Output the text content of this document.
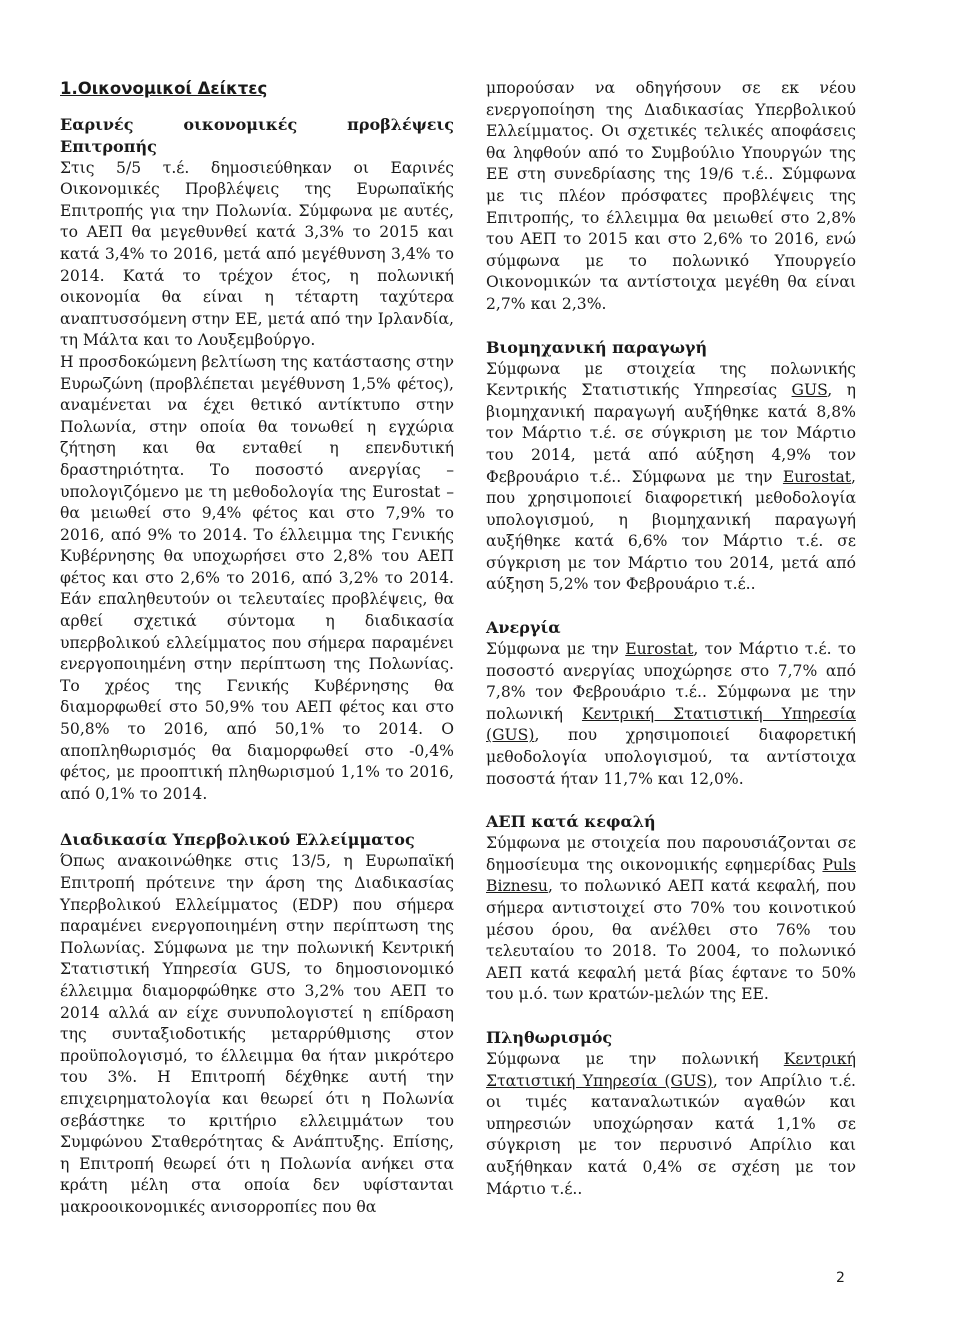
1.Οικονομικοί Δείκτες
Εαρινές οικονομικές προβλέψεις Επιτροπής

Στις 5/5 τ.έ. δημοσιεύθηκαν οι Εαρινές Οικονομικές Προβλέψεις της Ευρωπαϊκής Επιτροπής για την Πολωνία. Σύμφωνα με αυτές, το ΑΕΠ θα μεγεθυνθεί κατά 3,3% το 2015 και κατά 3,4% το 2016, μετά από μεγέθυνση 3,4% το 2014. Κατά το τρέχον έτος, η πολωνική οικονομία θα είναι η τέταρτη ταχύτερα αναπτυσσόμενη στην ΕΕ, μετά από την Ιρλανδία, τη Μάλτα και το Λουξεμβούργο.

Η προσδοκώμενη βελτίωση της κατάστασης στην Ευρωζώνη (προβλέπεται μεγέθυνση 1,5% φέτος), αναμένεται να έχει θετικό αντίκτυπο στην Πολωνία, στην οποία θα τονωθεί η εγχώρια ζήτηση και θα ενταθεί η επενδυτική δραστηριότητα. Το ποσοστό ανεργίας – υπολογιζόμενο με τη μεθοδολογία της Eurostat – θα μειωθεί στο 9,4% φέτος και στο 7,9% το 2016, από 9% το 2014. Το έλλειμμα της Γενικής Κυβέρνησης θα υποχωρήσει στο 2,8% του ΑΕΠ φέτος και στο 2,6% το 2016, από 3,2% το 2014. Εάν επαληθευτούν οι τελευταίες προβλέψεις, θα αρθεί σχετικά σύντομα η διαδικασία υπερβολικού ελλείμματος που σήμερα παραμένει ενεργοποιημένη στην περίπτωση της Πολωνίας. Το χρέος της Γενικής Κυβέρνησης θα διαμορφωθεί στο 50,9% του ΑΕΠ φέτος και στο 50,8% το 2016, από 50,1% το 2014. Ο αποπληθωρισμός θα διαμορφωθεί στο -0,4% φέτος, με προοπτική πληθωρισμού 1,1% το 2016, από 0,1% το 2014.

Διαδικασία Υπερβολικού Ελλείμματος

Όπως ανακοινώθηκε στις 13/5, η Ευρωπαϊκή Επιτροπή πρότεινε την άρση της Διαδικασίας Υπερβολικού Ελλείμματος (EDP) που σήμερα παραμένει ενεργοποιημένη στην περίπτωση της Πολωνίας. Σύμφωνα με την πολωνική Κεντρική Στατιστική Υπηρεσία GUS, το δημοσιονομικό έλλειμμα διαμορφώθηκε στο 3,2% του ΑΕΠ το 2014 αλλά αν είχε συνυπολογιστεί η επίδραση της συνταξιοδοτικής μεταρρύθμισης στον προϋπολογισμό, το έλλειμμα θα ήταν μικρότερο του 3%. Η Επιτροπή δέχθηκε αυτή την επιχειρηματολογία και θεωρεί ότι η Πολωνία σεβάστηκε το κριτήριο ελλειμμάτων του Συμφώνου Σταθερότητας & Ανάπτυξης. Επίσης, η Επιτροπή θεωρεί ότι η Πολωνία ανήκει στα κράτη μέλη στα οποία δεν υφίστανται μακροοικονομικές ανισορροπίες που θα

μπορούσαν να οδηγήσουν σε εκ νέου ενεργοποίηση της Διαδικασίας Υπερβολικού Ελλείμματος. Οι σχετικές τελικές αποφάσεις θα ληφθούν από το Συμβούλιο Υπουργών της ΕΕ στη συνεδρίασης της 19/6 τ.έ.. Σύμφωνα με τις πλέον πρόσφατες προβλέψεις της Επιτροπής, το έλλειμμα θα μειωθεί στο 2,8% του ΑΕΠ το 2015 και στο 2,6% το 2016, ενώ σύμφωνα με το πολωνικό Υπουργείο Οικονομικών τα αντίστοιχα μεγέθη θα είναι 2,7% και 2,3%.

Βιομηχανική παραγωγή

Σύμφωνα με στοιχεία της πολωνικής Κεντρικής Στατιστικής Υπηρεσίας GUS, η βιομηχανική παραγωγή αυξήθηκε κατά 8,8% τον Μάρτιο τ.έ. σε σύγκριση με τον Μάρτιο του 2014, μετά από αύξηση 4,9% τον Φεβρουάριο τ.έ.. Σύμφωνα με την Eurostat, που χρησιμοποιεί διαφορετική μεθοδολογία υπολογισμού, η βιομηχανική παραγωγή αυξήθηκε κατά 6,6% τον Μάρτιο τ.έ. σε σύγκριση με τον Μάρτιο του 2014, μετά από αύξηση 5,2% τον Φεβρουάριο τ.έ..

Ανεργία

Σύμφωνα με την Eurostat, τον Μάρτιο τ.έ. το ποσοστό ανεργίας υποχώρησε στο 7,7% από 7,8% τον Φεβρουάριο τ.έ.. Σύμφωνα με την πολωνική Κεντρική Στατιστική Υπηρεσία (GUS), που χρησιμοποιεί διαφορετική μεθοδολογία υπολογισμού, τα αντίστοιχα ποσοστά ήταν 11,7% και 12,0%.

ΑΕΠ κατά κεφαλή

Σύμφωνα με στοιχεία που παρουσιάζονται σε δημοσίευμα της οικονομικής εφημερίδας Puls Biznesu, το πολωνικό ΑΕΠ κατά κεφαλή, που σήμερα αντιστοιχεί στο 70% του κοινοτικού μέσου όρου, θα ανέλθει στο 76% του τελευταίου το 2018. Το 2004, το πολωνικό ΑΕΠ κατά κεφαλή μετά βίας έφτανε το 50% του μ.ό. των κρατών-μελών της ΕΕ.

Πληθωρισμός

Σύμφωνα με την πολωνική Κεντρική Στατιστική Υπηρεσία (GUS), τον Απρίλιο τ.έ. οι τιμές καταναλωτικών αγαθών και υπηρεσιών υποχώρησαν κατά 1,1% σε σύγκριση με τον περυσινό Απρίλιο και αυξήθηκαν κατά 0,4% σε σχέση με τον Μάρτιο τ.έ..

2
